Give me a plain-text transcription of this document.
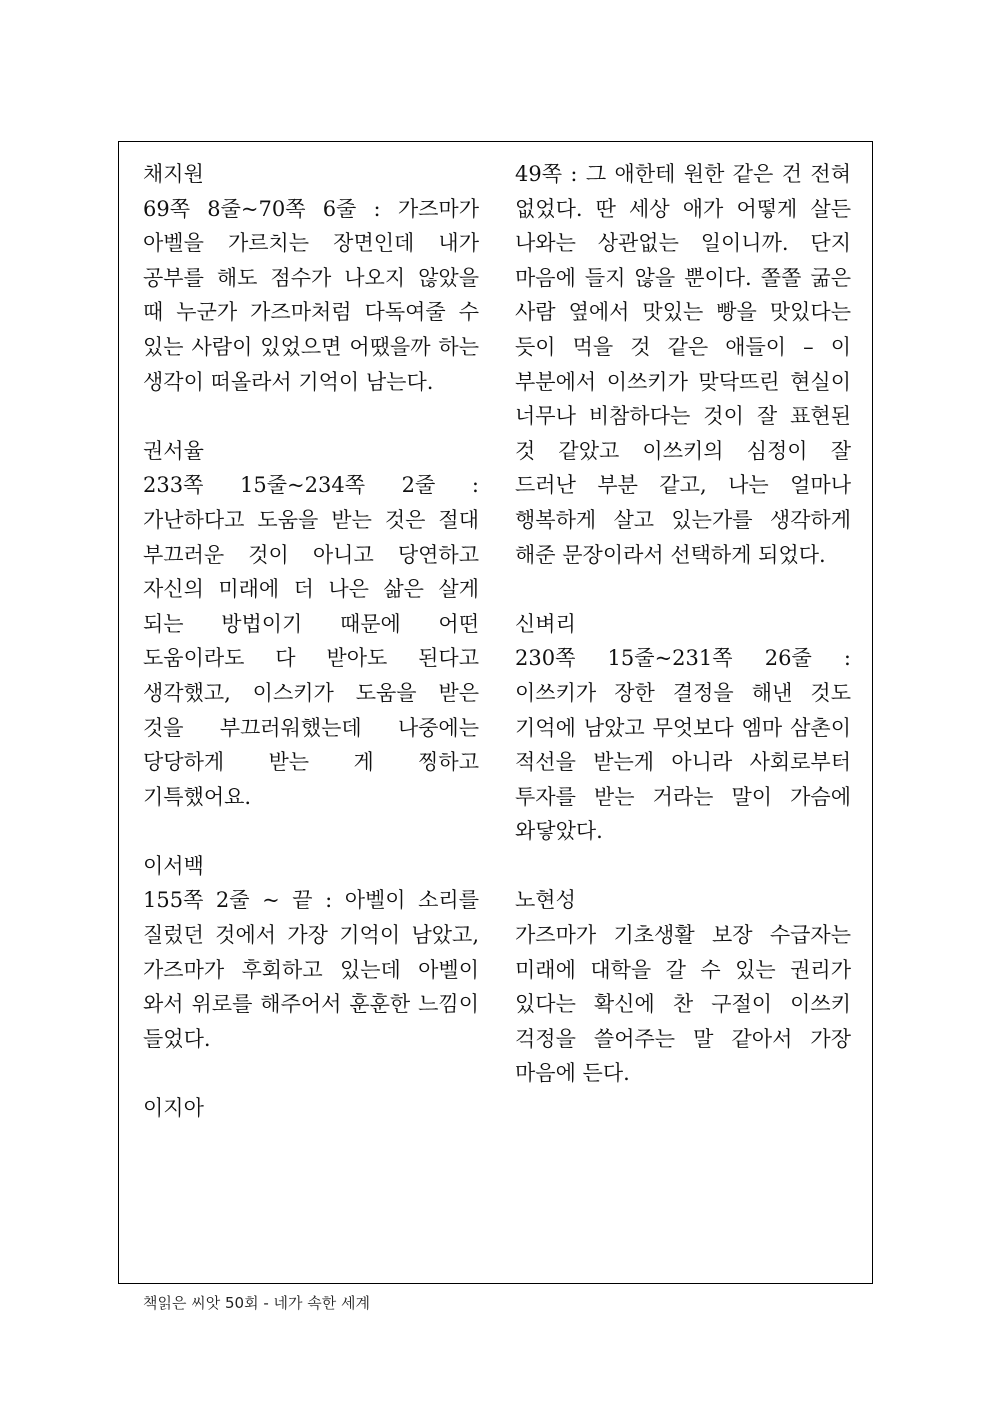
채지원
69쪽 8줄~70쪽 6줄 : 가즈마가 아벨을 가르치는 장면인데 내가 공부를 해도 점수가 나오지 않았을 때 누군가 가즈마처럼 다독여줄 수 있는 사람이 있었으면 어땠을까 하는 생각이 떠올라서 기억이 남는다.
권서율
233쪽 15줄~234쪽 2줄 : 가난하다고 도움을 받는 것은 절대 부끄러운 것이 아니고 당연하고 자신의 미래에 더 나은 삶은 살게 되는 방법이기 때문에 어떤 도움이라도 다 받아도 된다고 생각했고, 이스키가 도움을 받은 것을 부끄러워했는데 나중에는 당당하게 받는 게 찡하고 기특했어요.
이서백
155쪽 2줄 ~ 끝 : 아벨이 소리를 질렀던 것에서 가장 기억이 남았고, 가즈마가 후회하고 있는데 아벨이 와서 위로를 해주어서 훈훈한 느낌이 들었다.
이지아
49쪽 : 그 애한테 원한 같은 건 전혀 없었다. 딴 세상 애가 어떻게 살든 나와는 상관없는 일이니까. 단지 마음에 들지 않을 뿐이다. 쫄쫄 굶은 사람 옆에서 맛있는 빵을 맛있다는 듯이 먹을 것 같은 애들이 – 이 부분에서 이쓰키가 맞닥뜨린 현실이 너무나 비참하다는 것이 잘 표현된 것 같았고 이쓰키의 심정이 잘 드러난 부분 같고, 나는 얼마나 행복하게 살고 있는가를 생각하게 해준 문장이라서 선택하게 되었다.
신벼리
230쪽 15줄~231쪽 26줄 : 이쓰키가 장한 결정을 해낸 것도 기억에 남았고 무엇보다 엠마 삼촌이 적선을 받는게 아니라 사회로부터 투자를 받는 거라는 말이 가슴에 와닿았다.
노현성
가즈마가 기초생활 보장 수급자는 미래에 대학을 갈 수 있는 권리가 있다는 확신에 찬 구절이 이쓰키 걱정을 쓸어주는 말 같아서 가장 마음에 든다.
책읽은 씨앗 50회 - 네가 속한 세계
